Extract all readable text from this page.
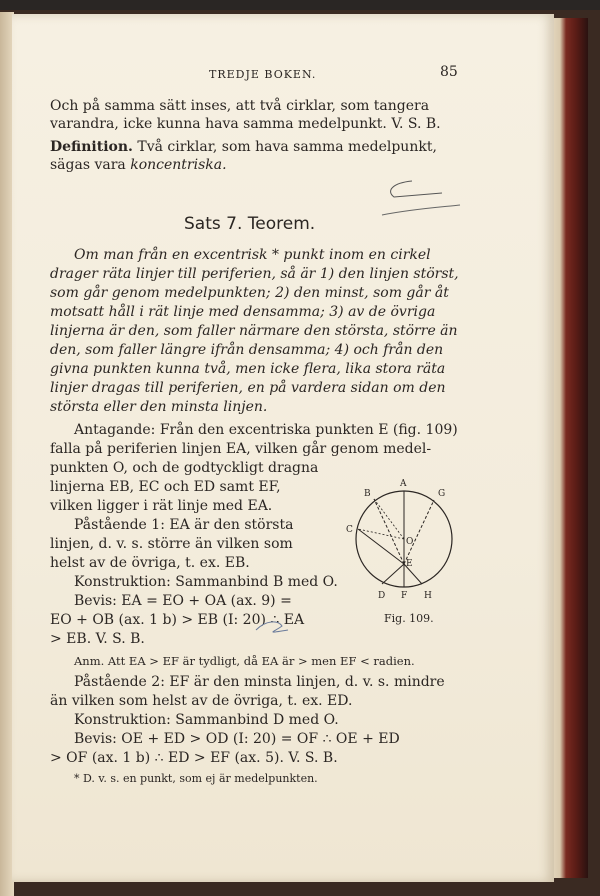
TREDJE BOKEN.	85
Och på samma sätt inses, att två cirklar, som tangera
varandra, icke kunna hava samma medelpunkt. V. S. B.
Definition. Två cirklar, som hava samma medelpunkt,
sägas vara koncentriska.
Sats 7. Teorem.
Om man från en excentrisk * punkt inom en cirkel
drager räta linjer till periferien, så är 1) den linjen störst,
som går genom medelpunkten; 2) den minst, som går åt
motsatt håll i rät linje med densamma; 3) av de övriga
linjerna är den, som faller närmare den största, större än
den, som faller längre ifrån densamma; 4) och från den
givna punkten kunna två, men icke flera, lika stora räta
linjer dragas till periferien, en på vardera sidan om den
största eller den minsta linjen.
Antagande: Från den excentriska punkten E (fig. 109)
falla på periferien linjen EA, vilken går genom medel-
punkten O, och de godtyckligt dragna
linjerna EB, EC och ED samt EF,
vilken ligger i rät linje med EA.
Påstående 1: EA är den största
linjen, d. v. s. större än vilken som
helst av de övriga, t. ex. EB.
Konstruktion: Sammanbind B med O.
Bevis: EA = EO + OA (ax. 9) =
EO + OB (ax. 1 b) > EB (I: 20) ∴ EA
> EB. V. S. B.
A
B	G
C
O
E
D F H
Fig. 109.
Anm. Att EA > EF är tydligt, då EA är > men EF < radien.
Påstående 2: EF är den minsta linjen, d. v. s. mindre
än vilken som helst av de övriga, t. ex. ED.
Konstruktion: Sammanbind D med O.
Bevis: OE + ED > OD (I: 20) = OF ∴ OE + ED
> OF (ax. 1 b) ∴ ED > EF (ax. 5). V. S. B.
* D. v. s. en punkt, som ej är medelpunkten.
